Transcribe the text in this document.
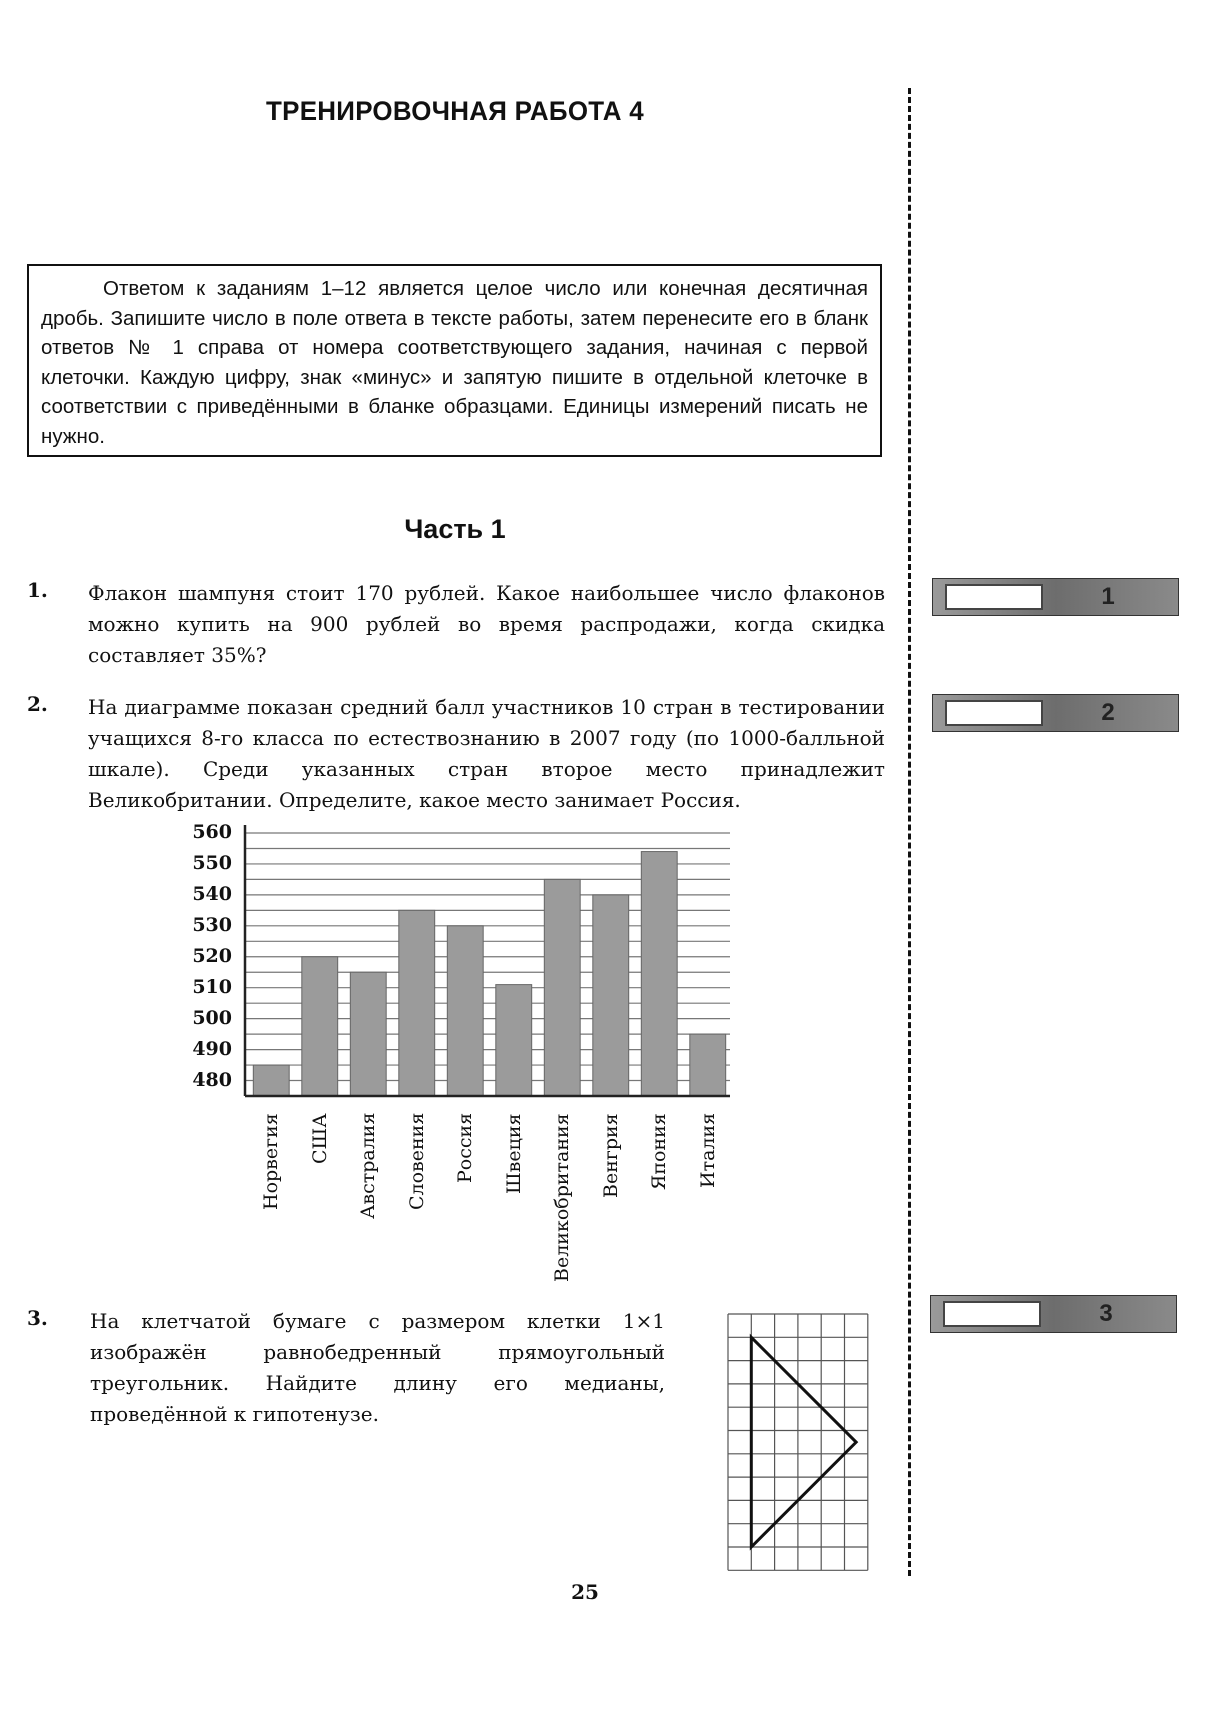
ТРЕНИРОВОЧНАЯ РАБОТА 4

Ответом к заданиям 1–12 является целое число или конечная десятичная дробь. Запишите число в поле ответа в тексте работы, затем перенесите его в бланк ответов № 1 справа от номера соответствующего задания, начиная с первой клеточки. Каждую цифру, знак «минус» и запятую пишите в отдельной клеточке в соответствии с приведёнными в бланке образцами. Единицы измерений писать не нужно.

Часть 1
1. Флакон шампуня стоит 170 рублей. Какое наибольшее число флаконов можно купить на 900 рублей во время распродажи, когда скидка составляет 35%?
1
2. На диаграмме показан средний балл участников 10 стран в тестировании учащихся 8-го класса по естествознанию в 2007 году (по 1000-балльной шкале). Среди указанных стран второе место принадлежит Великобритании. Определите, какое место занимает Россия.
2
480
490
500
510
520
530
540
550
560
Норвегия США Австралия Словения Россия Швеция Великобритания Венгрия Япония Италия
3. На клетчатой бумаге с размером клетки 1×1 изображён равнобедренный прямоугольный треугольник. Найдите длину его медианы, проведённой к гипотенузе.
3
25
